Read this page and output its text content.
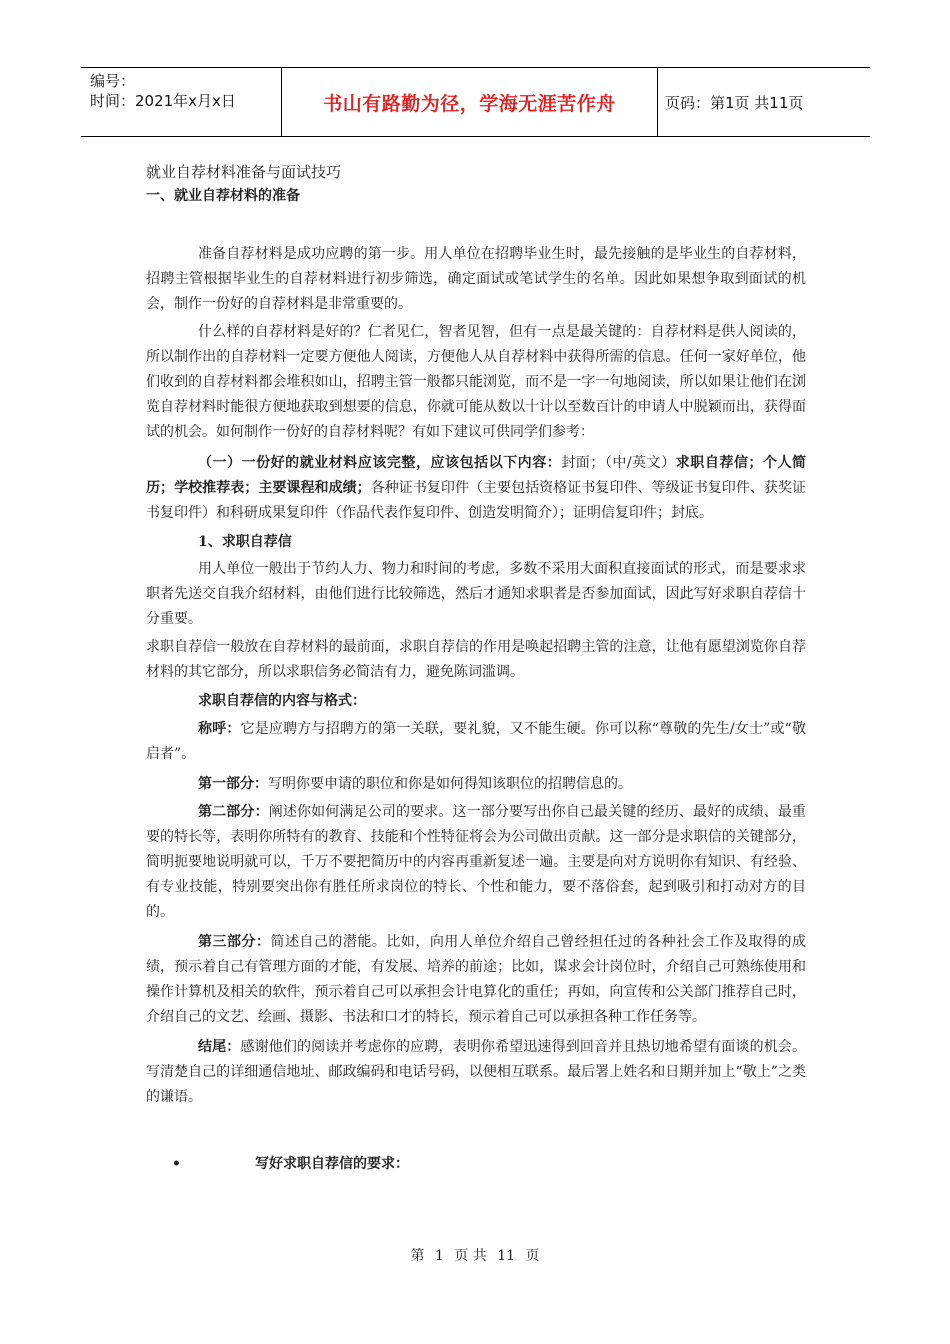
编号：
时间：2021年x月x日	书山有路勤为径，学海无涯苦作舟	页码：第1页 共11页
就业自荐材料准备与面试技巧
一、就业自荐材料的准备

准备自荐材料是成功应聘的第一步。用人单位在招聘毕业生时，最先接触的是毕业生的自荐材料，招聘主管根据毕业生的自荐材料进行初步筛选，确定面试或笔试学生的名单。因此如果想争取到面试的机会，制作一份好的自荐材料是非常重要的。

什么样的自荐材料是好的？仁者见仁，智者见智，但有一点是最关键的：自荐材料是供人阅读的，所以制作出的自荐材料一定要方便他人阅读，方便他人从自荐材料中获得所需的信息。任何一家好单位，他们收到的自荐材料都会堆积如山，招聘主管一般都只能浏览，而不是一字一句地阅读，所以如果让他们在浏览自荐材料时能很方便地获取到想要的信息，你就可能从数以十计以至数百计的申请人中脱颖而出，获得面试的机会。如何制作一份好的自荐材料呢？有如下建议可供同学们参考：

（一）一份好的就业材料应该完整，应该包括以下内容：封面；（中/英文）求职自荐信；个人简历；学校推荐表；主要课程和成绩；各种证书复印件（主要包括资格证书复印件、等级证书复印件、获奖证书复印件）和科研成果复印件（作品代表作复印件、创造发明简介）；证明信复印件；封底。

1、求职自荐信

用人单位一般出于节约人力、物力和时间的考虑，多数不采用大面积直接面试的形式，而是要求求职者先送交自我介绍材料，由他们进行比较筛选，然后才通知求职者是否参加面试，因此写好求职自荐信十分重要。

求职自荐信一般放在自荐材料的最前面，求职自荐信的作用是唤起招聘主管的注意，让他有愿望浏览你自荐材料的其它部分，所以求职信务必简洁有力，避免陈词滥调。

求职自荐信的内容与格式：

称呼：它是应聘方与招聘方的第一关联，要礼貌，又不能生硬。你可以称“尊敬的先生/女士”或“敬启者”。

第一部分：写明你要申请的职位和你是如何得知该职位的招聘信息的。

第二部分：阐述你如何满足公司的要求。这一部分要写出你自己最关键的经历、最好的成绩、最重要的特长等，表明你所特有的教育、技能和个性特征将会为公司做出贡献。这一部分是求职信的关键部分，简明扼要地说明就可以，千万不要把简历中的内容再重新复述一遍。主要是向对方说明你有知识、有经验、有专业技能，特别要突出你有胜任所求岗位的特长、个性和能力，要不落俗套，起到吸引和打动对方的目的。

第三部分：简述自己的潜能。比如，向用人单位介绍自己曾经担任过的各种社会工作及取得的成绩，预示着自己有管理方面的才能，有发展、培养的前途；比如，谋求会计岗位时，介绍自己可熟练使用和操作计算机及相关的软件，预示着自己可以承担会计电算化的重任；再如，向宣传和公关部门推荐自己时，介绍自己的文艺、绘画、摄影、书法和口才的特长，预示着自己可以承担各种工作任务等。

结尾：感谢他们的阅读并考虑你的应聘，表明你希望迅速得到回音并且热切地希望有面谈的机会。写清楚自己的详细通信地址、邮政编码和电话号码，以便相互联系。最后署上姓名和日期并加上“敬上”之类的谦语。

•	写好求职自荐信的要求：
第 1 页 共 11 页
